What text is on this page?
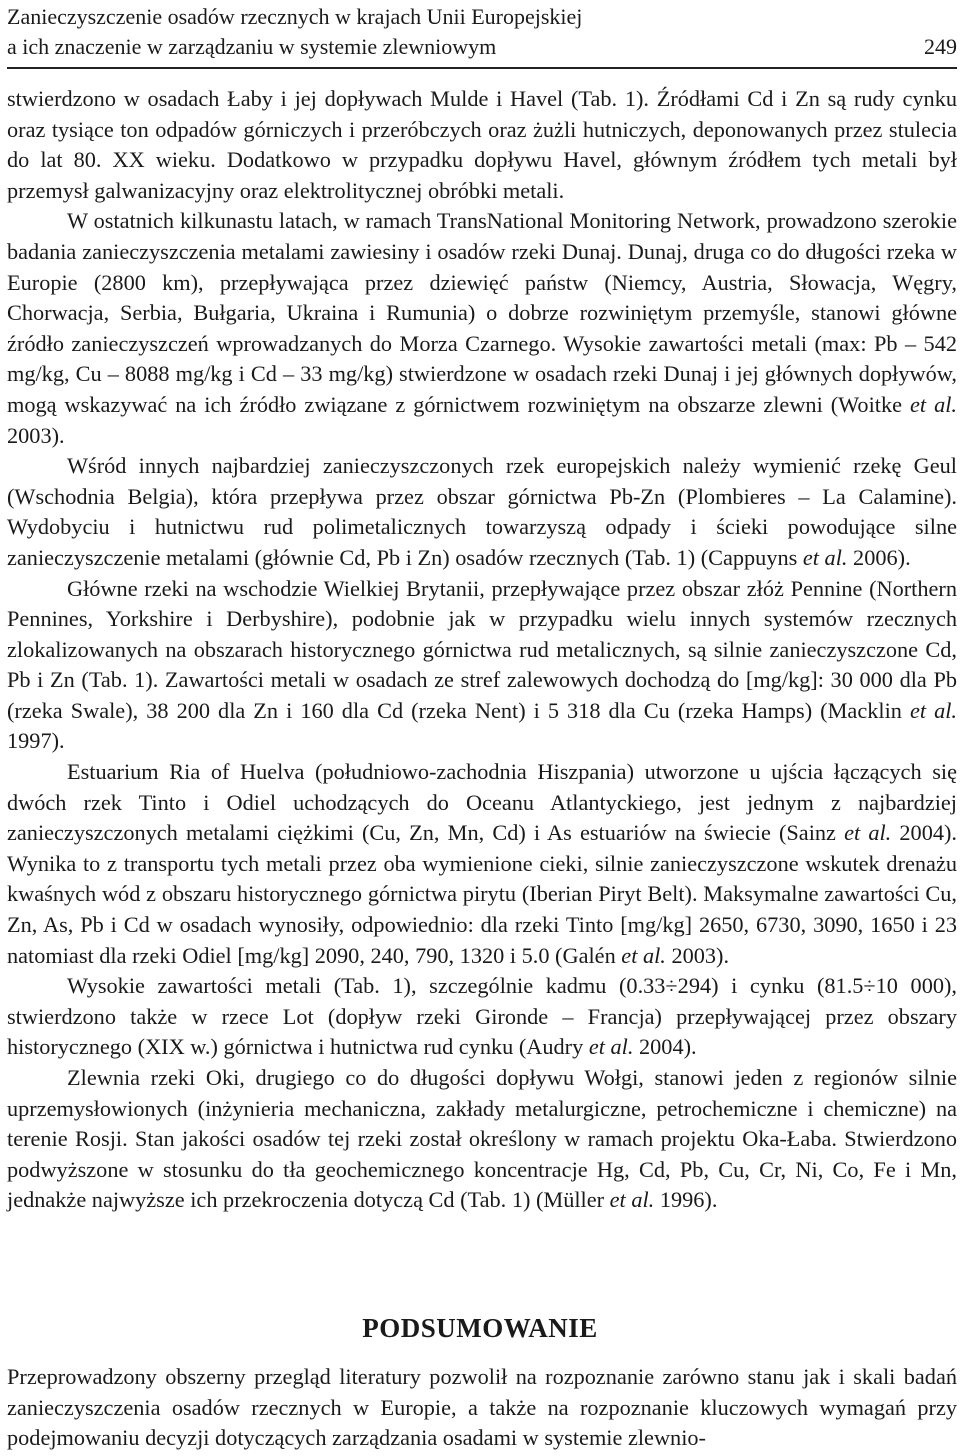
Zanieczyszczenie osadów rzecznych w krajach Unii Europejskiej
a ich znaczenie w zarządzaniu w systemie zlewniowym	249

stwierdzono w osadach Łaby i jej dopływach Mulde i Havel (Tab. 1). Źródłami Cd i Zn są rudy cynku oraz tysiące ton odpadów górniczych i przeróbczych oraz żużli hutniczych, deponowanych przez stulecia do lat 80. XX wieku. Dodatkowo w przypadku dopływu Havel, głównym źródłem tych metali był przemysł galwanizacyjny oraz elektrolitycznej obróbki metali.

W ostatnich kilkunastu latach, w ramach TransNational Monitoring Network, prowadzono szerokie badania zanieczyszczenia metalami zawiesiny i osadów rzeki Dunaj. Dunaj, druga co do długości rzeka w Europie (2800 km), przepływająca przez dziewięć państw (Niemcy, Austria, Słowacja, Węgry, Chorwacja, Serbia, Bułgaria, Ukraina i Rumunia) o dobrze rozwiniętym przemyśle, stanowi główne źródło zanieczyszczeń wprowadzanych do Morza Czarnego. Wysokie zawartości metali (max: Pb – 542 mg/kg, Cu – 8088 mg/kg i Cd – 33 mg/kg) stwierdzone w osadach rzeki Dunaj i jej głównych dopływów, mogą wskazywać na ich źródło związane z górnictwem rozwiniętym na obszarze zlewni (Woitke et al. 2003).

Wśród innych najbardziej zanieczyszczonych rzek europejskich należy wymienić rzekę Geul (Wschodnia Belgia), która przepływa przez obszar górnictwa Pb-Zn (Plombieres – La Calamine). Wydobyciu i hutnictwu rud polimetalicznych towarzyszą odpady i ścieki powodujące silne zanieczyszczenie metalami (głównie Cd, Pb i Zn) osadów rzecznych (Tab. 1) (Cappuyns et al. 2006).

Główne rzeki na wschodzie Wielkiej Brytanii, przepływające przez obszar złóż Pennine (Northern Pennines, Yorkshire i Derbyshire), podobnie jak w przypadku wielu innych systemów rzecznych zlokalizowanych na obszarach historycznego górnictwa rud metalicznych, są silnie zanieczyszczone Cd, Pb i Zn (Tab. 1). Zawartości metali w osadach ze stref zalewowych dochodzą do [mg/kg]: 30 000 dla Pb (rzeka Swale), 38 200 dla Zn i 160 dla Cd (rzeka Nent) i 5 318 dla Cu (rzeka Hamps) (Macklin et al. 1997).

Estuarium Ria of Huelva (południowo-zachodnia Hiszpania) utworzone u ujścia łączących się dwóch rzek Tinto i Odiel uchodzących do Oceanu Atlantyckiego, jest jednym z najbardziej zanieczyszczonych metalami ciężkimi (Cu, Zn, Mn, Cd) i As estuariów na świecie (Sainz et al. 2004). Wynika to z transportu tych metali przez oba wymienione cieki, silnie zanieczyszczone wskutek drenażu kwaśnych wód z obszaru historycznego górnictwa pirytu (Iberian Piryt Belt). Maksymalne zawartości Cu, Zn, As, Pb i Cd w osadach wynosiły, odpowiednio: dla rzeki Tinto [mg/kg] 2650, 6730, 3090, 1650 i 23 natomiast dla rzeki Odiel [mg/kg] 2090, 240, 790, 1320 i 5.0 (Galén et al. 2003).

Wysokie zawartości metali (Tab. 1), szczególnie kadmu (0.33÷294) i cynku (81.5÷10 000), stwierdzono także w rzece Lot (dopływ rzeki Gironde – Francja) przepływającej przez obszary historycznego (XIX w.) górnictwa i hutnictwa rud cynku (Audry et al. 2004).

Zlewnia rzeki Oki, drugiego co do długości dopływu Wołgi, stanowi jeden z regionów silnie uprzemysłowionych (inżynieria mechaniczna, zakłady metalurgiczne, petrochemiczne i chemiczne) na terenie Rosji. Stan jakości osadów tej rzeki został określony w ramach projektu Oka-Łaba. Stwierdzono podwyższone w stosunku do tła geochemicznego koncentracje Hg, Cd, Pb, Cu, Cr, Ni, Co, Fe i Mn, jednakże najwyższe ich przekroczenia dotyczą Cd (Tab. 1) (Müller et al. 1996).

PODSUMOWANIE

Przeprowadzony obszerny przegląd literatury pozwolił na rozpoznanie zarówno stanu jak i skali badań zanieczyszczenia osadów rzecznych w Europie, a także na rozpoznanie kluczowych wymagań przy podejmowaniu decyzji dotyczących zarządzania osadami w systemie zlewnio-
